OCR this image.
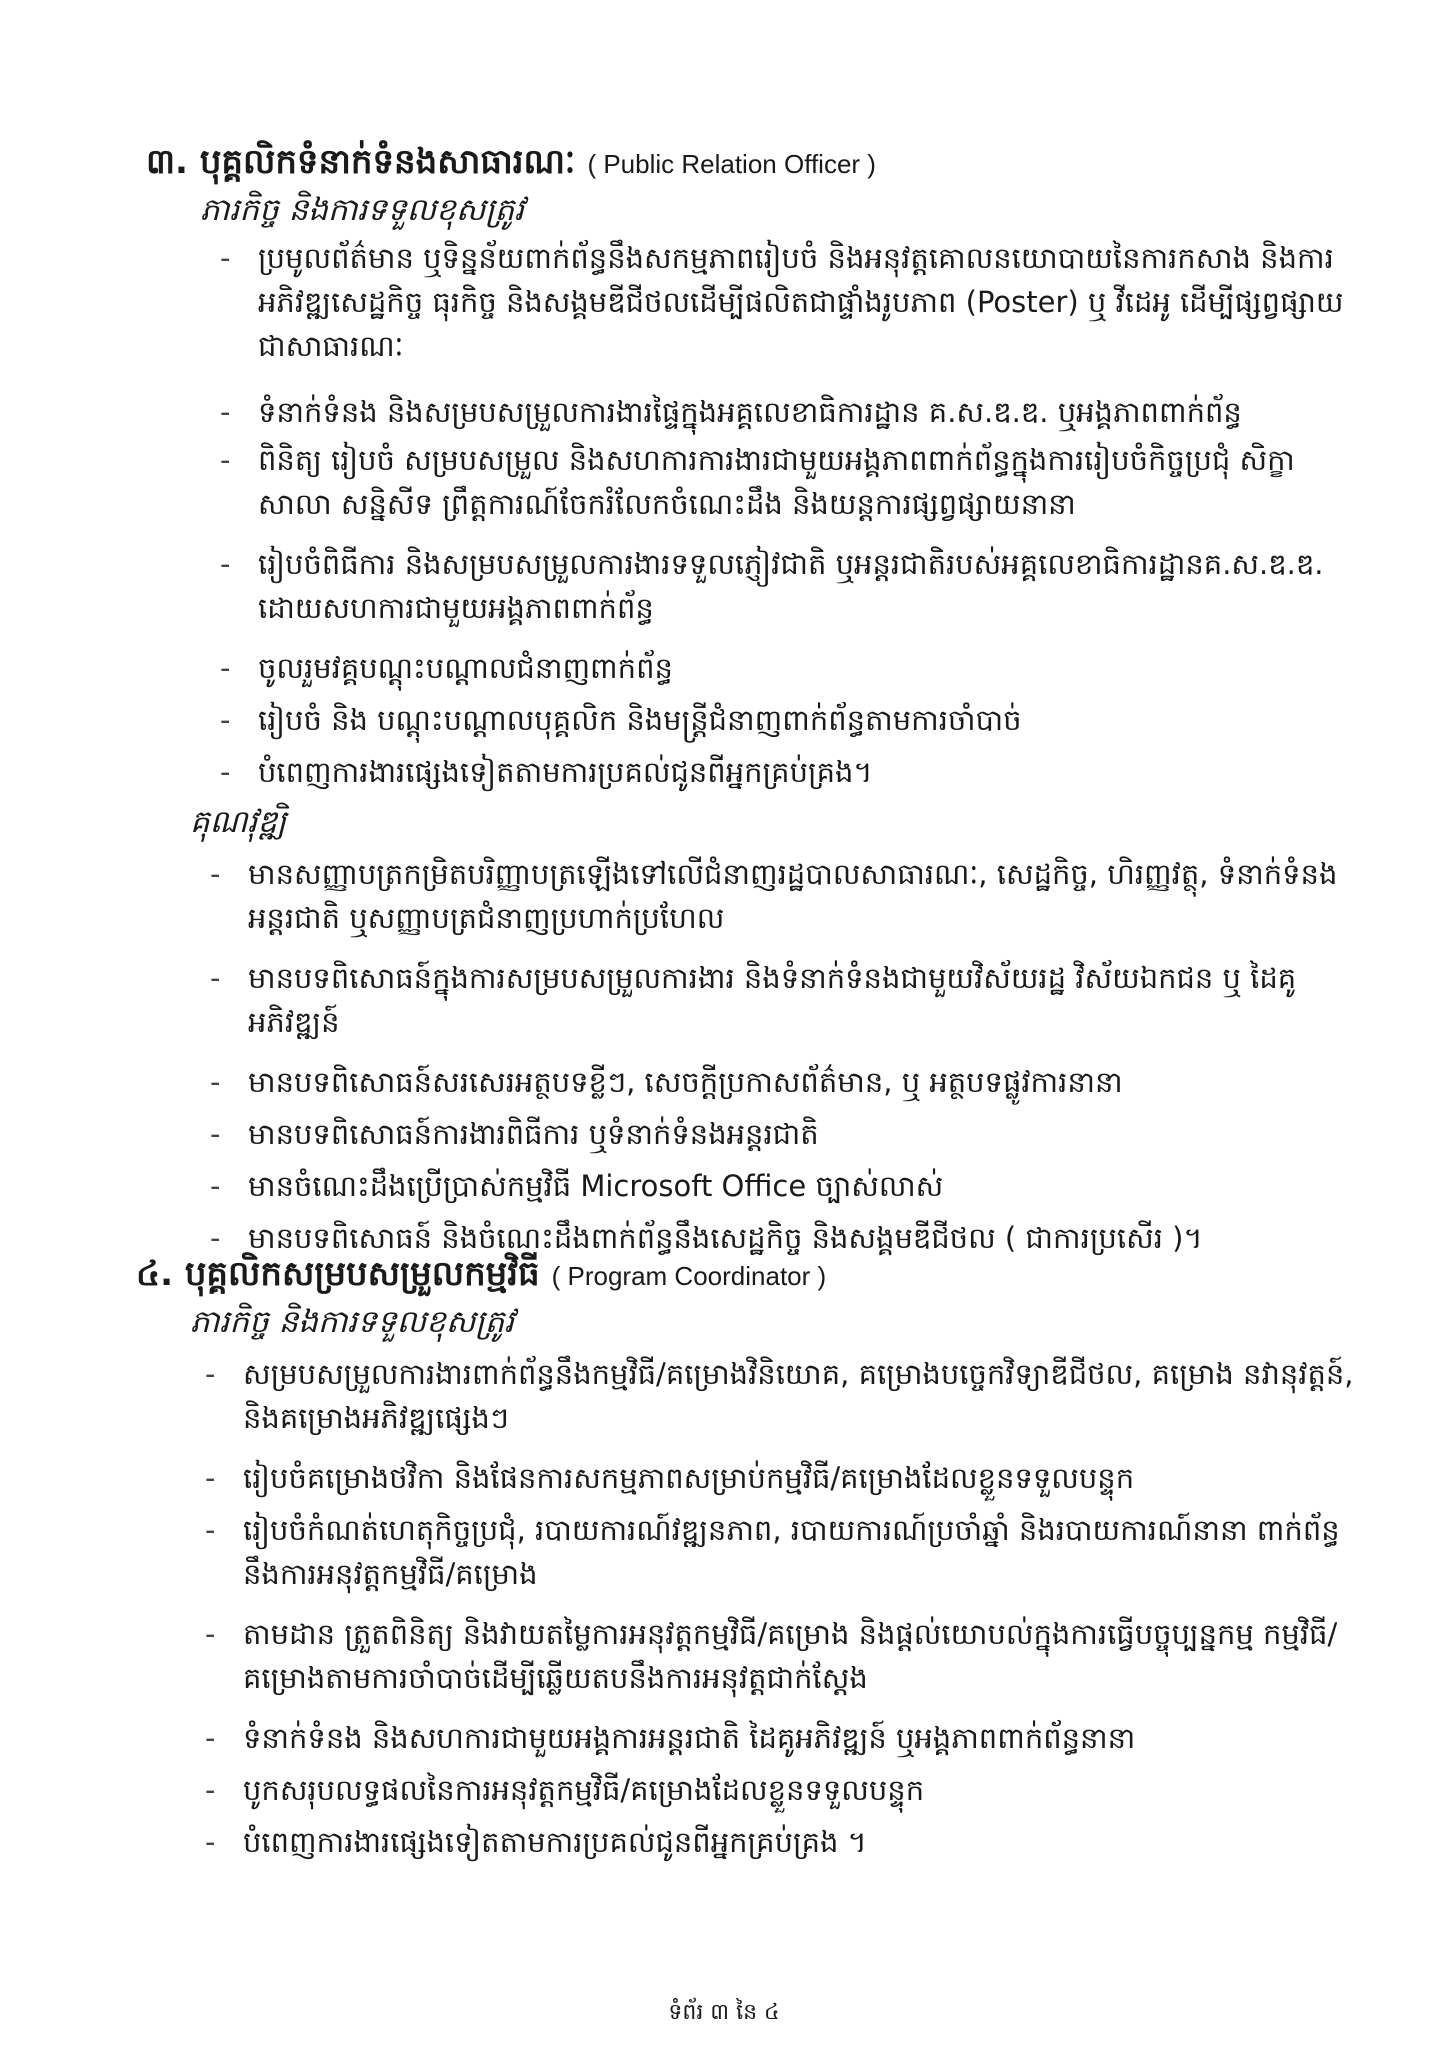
៣. បុគ្គលិកទំនាក់ទំនងសាធារណៈ ( Public Relation Officer )
ភារកិច្ច និងការទទួលខុសត្រូវ
- ប្រមូលព័ត៌មាន ឬទិន្នន័យពាក់ព័ន្ធនឹងសកម្មភាពរៀបចំ និងអនុវត្តគោលនយោបាយនៃការកសាង និងការអភិវឌ្ឍសេដ្ឋកិច្ច ធុរកិច្ច និងសង្គមឌីជីថលដើម្បីផលិតជាផ្ទាំងរូបភាព (Poster) ឬ វីដេអូ ដើម្បីផ្សព្វផ្សាយជាសាធារណៈ
- ទំនាក់ទំនង និងសម្របសម្រួលការងារផ្ទៃក្នុងអគ្គលេខាធិការដ្ឋាន គ.ស.ឌ.ឌ. ឬអង្គភាពពាក់ព័ន្ធ
- ពិនិត្យ រៀបចំ សម្របសម្រួល និងសហការការងារជាមួយអង្គភាពពាក់ព័ន្ធក្នុងការរៀបចំកិច្ចប្រជុំ សិក្ខាសាលា សន្និសីទ ព្រឹត្តការណ៍ចែករំលែកចំណេះដឹង និងយន្តការផ្សព្វផ្សាយនានា
- រៀបចំពិធីការ និងសម្របសម្រួលការងារទទួលភ្ញៀវជាតិ ឬអន្តរជាតិរបស់អគ្គលេខាធិការដ្ឋានគ.ស.ឌ.ឌ. ដោយសហការជាមួយអង្គភាពពាក់ព័ន្ធ
- ចូលរួមវគ្គបណ្តុះបណ្តាលជំនាញពាក់ព័ន្ធ
- រៀបចំ និង បណ្តុះបណ្តាលបុគ្គលិក និងមន្ត្រីជំនាញពាក់ព័ន្ធតាមការចាំបាច់
- បំពេញការងារផ្សេងទៀតតាមការប្រគល់ជូនពីអ្នកគ្រប់គ្រង។
គុណវុឌ្ឍិ
- មានសញ្ញាបត្រកម្រិតបរិញ្ញាបត្រឡើងទៅលើជំនាញរដ្ឋបាលសាធារណៈ, សេដ្ឋកិច្ច, ហិរញ្ញវត្ថុ, ទំនាក់ទំនងអន្តរជាតិ ឬសញ្ញាបត្រជំនាញប្រហាក់ប្រហែល
- មានបទពិសោធន៍ក្នុងការសម្របសម្រួលការងារ និងទំនាក់ទំនងជាមួយវិស័យរដ្ឋ វិស័យឯកជន ឬ ដៃគូអភិវឌ្ឍន៍
- មានបទពិសោធន៍សរសេរអត្ថបទខ្លីៗ, សេចក្តីប្រកាសព័ត៌មាន, ឬ អត្ថបទផ្លូវការនានា
- មានបទពិសោធន៍ការងារពិធីការ ឬទំនាក់ទំនងអន្តរជាតិ
- មានចំណេះដឹងប្រើប្រាស់កម្មវិធី Microsoft Office ច្បាស់លាស់
- មានបទពិសោធន៍ និងចំណេះដឹងពាក់ព័ន្ធនឹងសេដ្ឋកិច្ច និងសង្គមឌីជីថល ( ជាការប្រសើរ )។
៤. បុគ្គលិកសម្របសម្រួលកម្មវិធី ( Program Coordinator )
ភារកិច្ច និងការទទួលខុសត្រូវ
- សម្របសម្រួលការងារពាក់ព័ន្ធនឹងកម្មវិធី/គម្រោងវិនិយោគ, គម្រោងបច្ចេកវិទ្យាឌីជីថល, គម្រោង នវានុវត្តន៍, និងគម្រោងអភិវឌ្ឍផ្សេងៗ
- រៀបចំគម្រោងថវិកា និងផែនការសកម្មភាពសម្រាប់កម្មវិធី/គម្រោងដែលខ្លួនទទួលបន្ទុក
- រៀបចំកំណត់ហេតុកិច្ចប្រជុំ, របាយការណ៍វឌ្ឍនភាព, របាយការណ៍ប្រចាំឆ្នាំ និងរបាយការណ៍នានា ពាក់ព័ន្ធនឹងការអនុវត្តកម្មវិធី/គម្រោង
- តាមដាន ត្រួតពិនិត្យ និងវាយតម្លៃការអនុវត្តកម្មវិធី/គម្រោង និងផ្តល់យោបល់ក្នុងការធ្វើបច្ចុប្បន្នកម្ម កម្មវិធី/គម្រោងតាមការចាំបាច់ដើម្បីឆ្លើយតបនឹងការអនុវត្តជាក់ស្តែង
- ទំនាក់ទំនង និងសហការជាមួយអង្គការអន្តរជាតិ ដៃគូអភិវឌ្ឍន៍ ឬអង្គភាពពាក់ព័ន្ធនានា
- បូកសរុបលទ្ធផលនៃការអនុវត្តកម្មវិធី/គម្រោងដែលខ្លួនទទួលបន្ទុក
- បំពេញការងារផ្សេងទៀតតាមការប្រគល់ជូនពីអ្នកគ្រប់គ្រង ។
ទំព័រ ៣ នៃ ៤
